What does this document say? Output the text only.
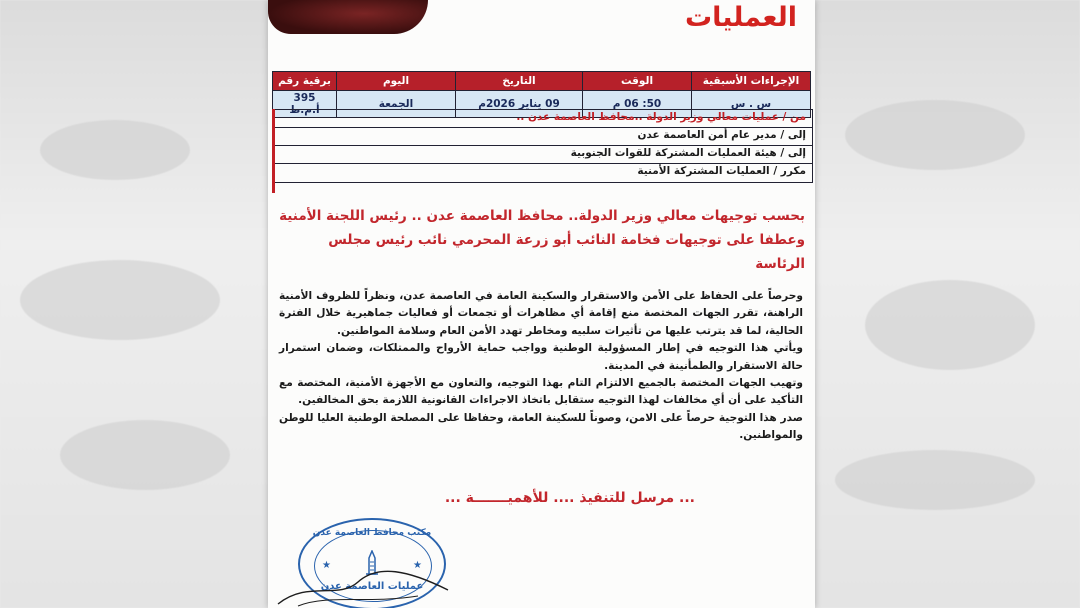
العمليات
الإجراءات الأسبقية	الوقت	التاريخ	اليوم	برقية رقم
س . س	50: 06 م	09 يناير 2026م	الجمعة	395 أ.م.ط
من / عمليات معالي وزير الدولة ..محافظ العاصمة عدن ..
إلى / مدير عام أمن العاصمة عدن
إلى / هيئة العمليات المشتركة للقوات الجنوبية
مكرر / العمليات المشتركة الأمنية
بحسب توجيهات معالي وزير الدولة.. محافظ العاصمة عدن .. رئيس اللجنة الأمنية
وعطفا على توجيهات فخامة النائب أبو زرعة المحرمي نائب رئيس مجلس الرئاسة

وحرصاً على الحفاظ على الأمن والاستقرار والسكينة العامة في العاصمة عدن، ونظراً للظروف الأمنية الراهنة، تقرر الجهات المختصة منع إقامة أي مظاهرات أو تجمعات أو فعاليات جماهيرية خلال الفترة الحالية، لما قد يترتب عليها من تأثيرات سلبيه ومخاطر تهدد الأمن العام وسلامة المواطنين.

ويأتي هذا التوجيه في إطار المسؤولية الوطنية وواجب حماية الأرواح والممتلكات، وضمان استمرار حالة الاستقرار والطمأنينة في المدينة.

وتهيب الجهات المختصة بالجميع الالتزام التام بهذا التوجيه، والتعاون مع الأجهزة الأمنية، المختصة مع التأكيد على أن أي مخالفات لهذا التوجيه ستقابل باتخاذ الاجراءات القانونية اللازمة بحق المخالفين.

صدر هذا التوجية حرصاً على الامن، وصوناً للسكينة العامة، وحفاظا على المصلحة الوطنية العليا للوطن والمواطنين.

... مرسل للتنفيذ .... للأهميـــــــة ...
مكتب محافظ العاصمة عدن
★	★
عمليات العاصمة عدن
